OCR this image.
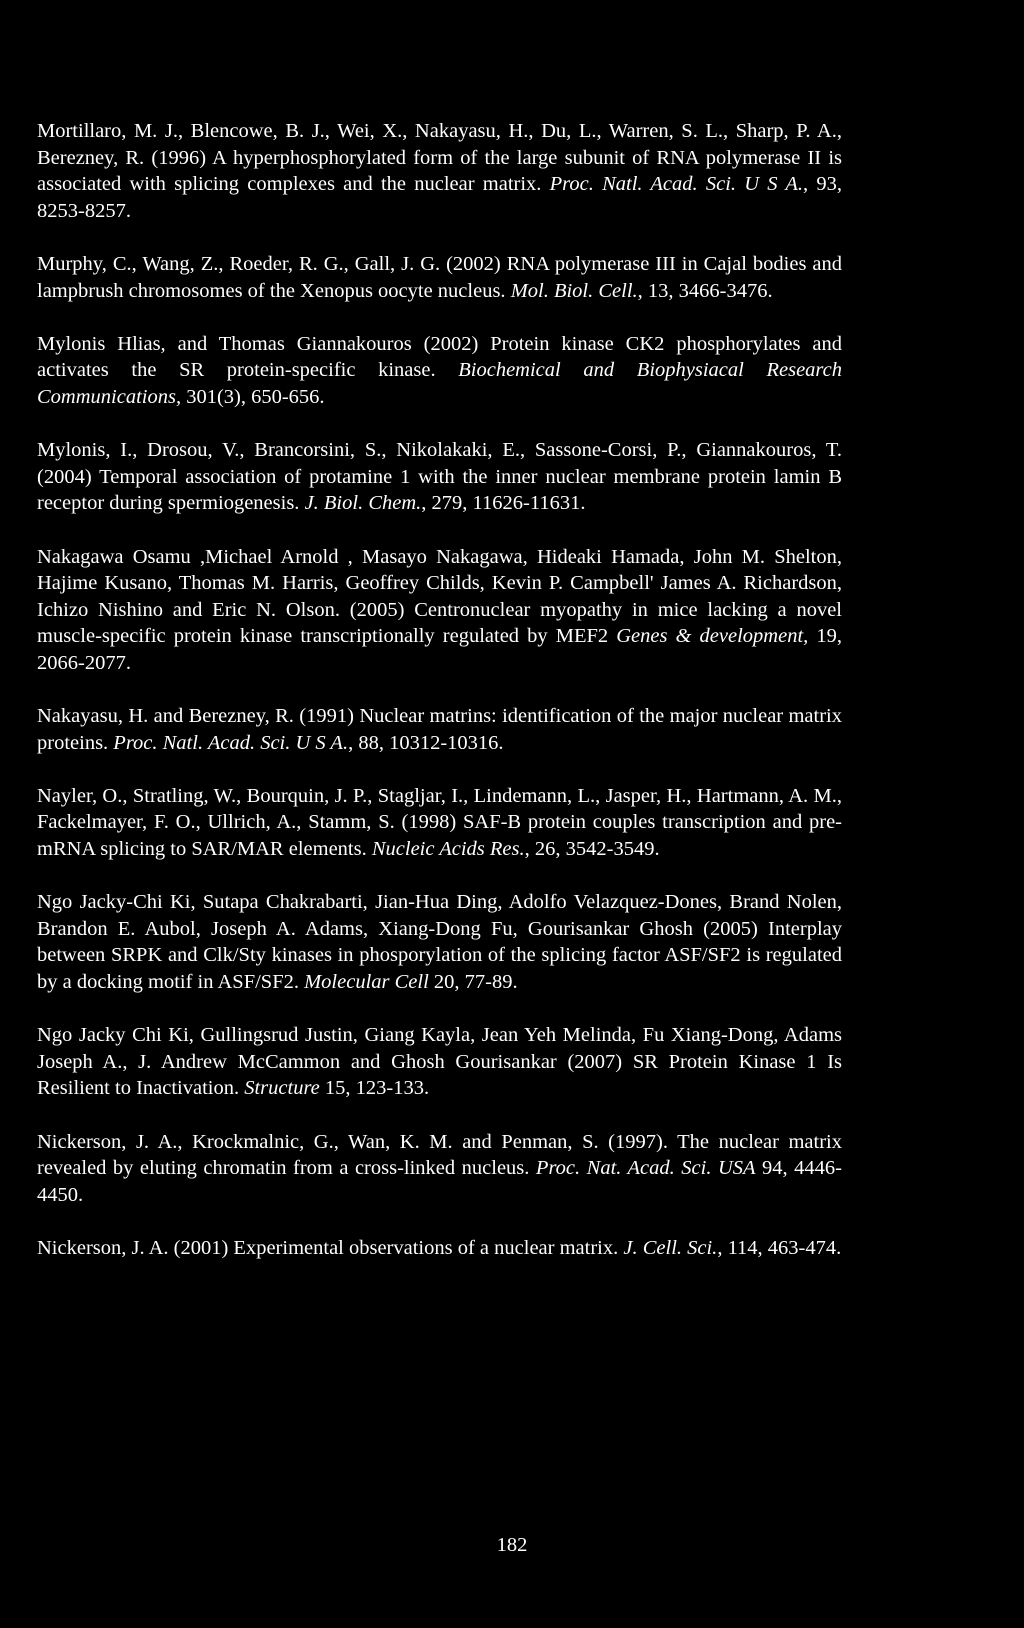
Mortillaro, M. J., Blencowe, B. J., Wei, X., Nakayasu, H., Du, L., Warren, S. L., Sharp, P. A., Berezney, R. (1996) A hyperphosphorylated form of the large subunit of RNA polymerase II is associated with splicing complexes and the nuclear matrix. Proc. Natl. Acad. Sci. U S A., 93, 8253-8257.

Murphy, C., Wang, Z., Roeder, R. G., Gall, J. G. (2002) RNA polymerase III in Cajal bodies and lampbrush chromosomes of the Xenopus oocyte nucleus. Mol. Biol. Cell., 13, 3466-3476.

Mylonis Hlias, and Thomas Giannakouros (2002) Protein kinase CK2 phosphorylates and activates the SR protein-specific kinase. Biochemical and Biophysiacal Research Communications, 301(3), 650-656.

Mylonis, I., Drosou, V., Brancorsini, S., Nikolakaki, E., Sassone-Corsi, P., Giannakouros, T. (2004) Temporal association of protamine 1 with the inner nuclear membrane protein lamin B receptor during spermiogenesis. J. Biol. Chem., 279, 11626-11631.

Nakagawa Osamu ,Michael Arnold , Masayo Nakagawa, Hideaki Hamada, John M. Shelton, Hajime Kusano, Thomas M. Harris, Geoffrey Childs, Kevin P. Campbell' James A. Richardson, Ichizo Nishino and Eric N. Olson. (2005) Centronuclear myopathy in mice lacking a novel muscle-specific protein kinase transcriptionally regulated by MEF2 Genes & development, 19, 2066-2077.

Nakayasu, H. and Berezney, R. (1991) Nuclear matrins: identification of the major nuclear matrix proteins. Proc. Natl. Acad. Sci. U S A., 88, 10312-10316.

Nayler, O., Stratling, W., Bourquin, J. P., Stagljar, I., Lindemann, L., Jasper, H., Hartmann, A. M., Fackelmayer, F. O., Ullrich, A., Stamm, S. (1998) SAF-B protein couples transcription and pre-mRNA splicing to SAR/MAR elements. Nucleic Acids Res., 26, 3542-3549.

Ngo Jacky-Chi Ki, Sutapa Chakrabarti, Jian-Hua Ding, Adolfo Velazquez-Dones, Brand Nolen, Brandon E. Aubol, Joseph A. Adams, Xiang-Dong Fu, Gourisankar Ghosh (2005) Interplay between SRPK and Clk/Sty kinases in phosporylation of the splicing factor ASF/SF2 is regulated by a docking motif in ASF/SF2. Molecular Cell 20, 77-89.

Ngo Jacky Chi Ki, Gullingsrud Justin, Giang Kayla, Jean Yeh Melinda, Fu Xiang-Dong, Adams Joseph A., J. Andrew McCammon and Ghosh Gourisankar (2007) SR Protein Kinase 1 Is Resilient to Inactivation. Structure 15, 123-133.

Nickerson, J. A., Krockmalnic, G., Wan, K. M. and Penman, S. (1997). The nuclear matrix revealed by eluting chromatin from a cross-linked nucleus. Proc. Nat. Acad. Sci. USA 94, 4446-4450.

Nickerson, J. A. (2001) Experimental observations of a nuclear matrix. J. Cell. Sci., 114, 463-474.

182
